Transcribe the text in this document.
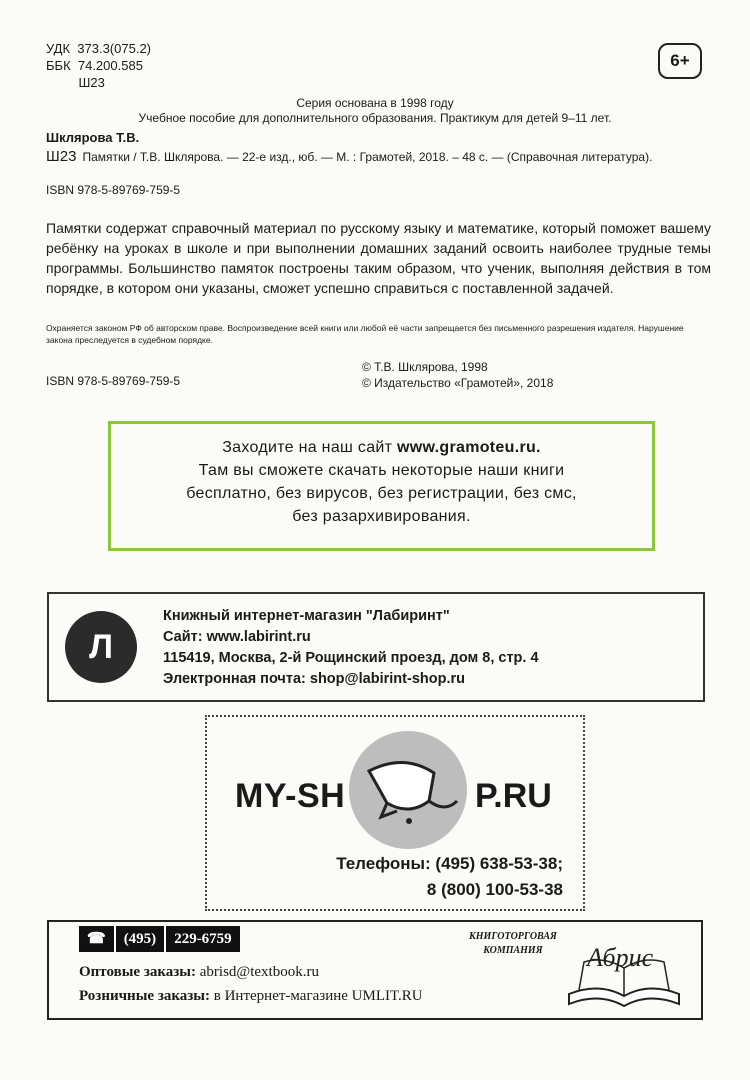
УДК  373.3(075.2)
ББК  74.200.585
Ш23
6+
Серия основана в 1998 году
Учебное пособие для дополнительного образования. Практикум для детей 9–11 лет.
Шклярова Т.В.
Ш23 Памятки / Т.В. Шклярова. — 22-е изд., юб. — М. : Грамотей, 2018. – 48 с. — (Справочная литература).
ISBN 978-5-89769-759-5
Памятки содержат справочный материал по русскому языку и математике, который поможет вашему ребёнку на уроках в школе и при выполнении домашних заданий освоить наиболее трудные темы программы. Большинство памяток построены таким образом, что ученик, выполняя действия в том порядке, в котором они указаны, сможет успешно справиться с поставленной задачей.
Охраняется законом РФ об авторском праве. Воспроизведение всей книги или любой её части запрещается без письменного разрешения издателя. Нарушение закона преследуется в судебном порядке.
© Т.В. Шклярова, 1998
© Издательство «Грамотей», 2018
ISBN 978-5-89769-759-5
Заходите на наш сайт www.gramoteu.ru.
Там вы сможете скачать некоторые наши книги
бесплатно, без вирусов, без регистрации, без смс,
без разархивирования.
Л
Книжный интернет-магазин "Лабиринт"
Сайт: www.labirint.ru
115419, Москва, 2-й Рощинский проезд, дом 8, стр. 4
Электронная почта: shop@labirint-shop.ru
MY-SH	P.RU
Телефоны: (495) 638-53-38;
8 (800) 100-53-38
☎	(495)	229-6759	КНИГОТОРГОВАЯ
КОМПАНИЯ	Абрис
Оптовые заказы: abrisd@textbook.ru
Розничные заказы: в Интернет-магазине UMLIT.RU
